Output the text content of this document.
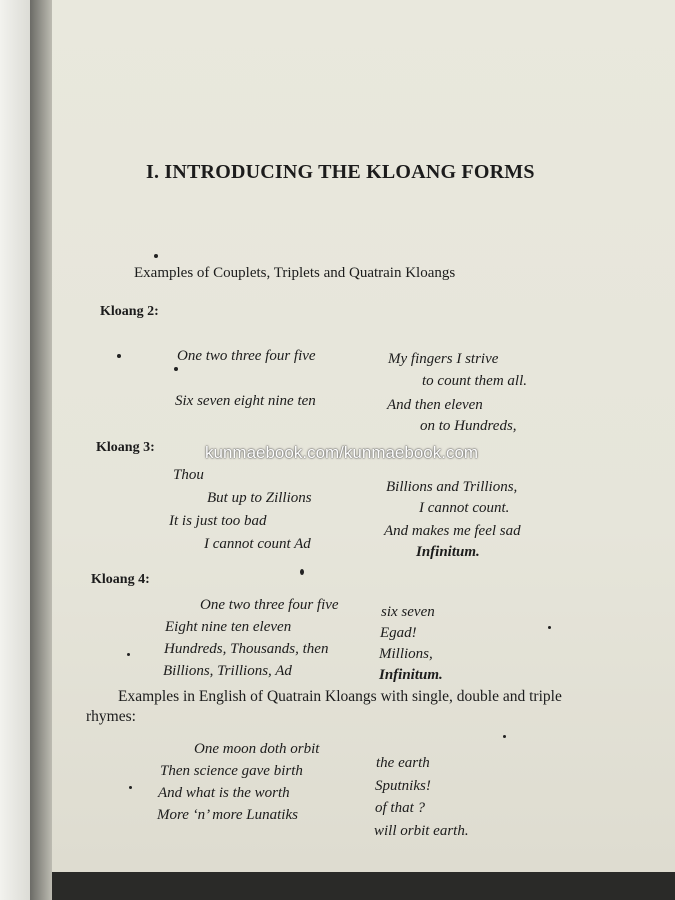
I. INTRODUCING THE KLOANG FORMS
Examples of Couplets, Triplets and Quatrain Kloangs
Kloang 2:
One two three four five
Six seven eight nine ten
My fingers I strive
to count them all.
And then eleven
on to Hundreds,
Kloang 3:	kunmaebook.com/kunmaebook.com
Thou
But up to Zillions
It is just too bad
I cannot count Ad
Billions and Trillions,
I cannot count.
And makes me feel sad
Infinitum.
Kloang 4:
One two three four five
Eight nine ten eleven
Hundreds, Thousands, then
Billions, Trillions, Ad
six seven
Egad!
Millions,
Infinitum.
Examples in English of Quatrain Kloangs with single, double and triple
rhymes:
One moon doth orbit
Then science gave birth
And what is the worth
More ‘n’ more Lunatiks
the earth
Sputniks!
of that ?
will orbit earth.
